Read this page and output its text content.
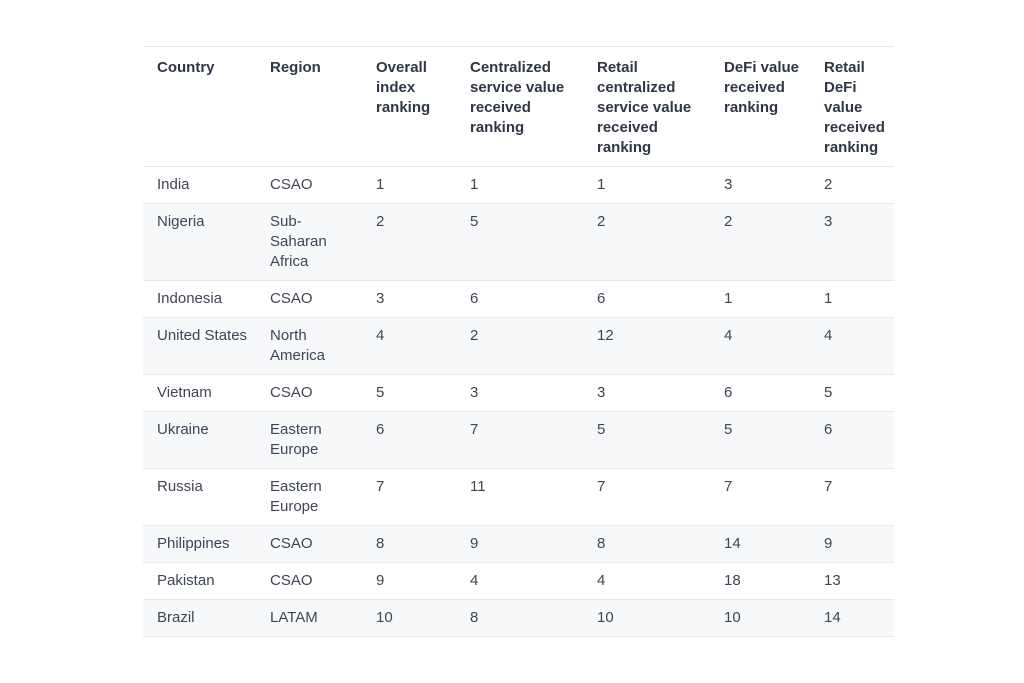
Country	Region	Overall index ranking	Centralized service value received ranking	Retail centralized service value received ranking	DeFi value received ranking	Retail DeFi value received ranking
India	CSAO	1	1	1	3	2
Nigeria	Sub-Saharan Africa	2	5	2	2	3
Indonesia	CSAO	3	6	6	1	1
United States	North America	4	2	12	4	4
Vietnam	CSAO	5	3	3	6	5
Ukraine	Eastern Europe	6	7	5	5	6
Russia	Eastern Europe	7	11	7	7	7
Philippines	CSAO	8	9	8	14	9
Pakistan	CSAO	9	4	4	18	13
Brazil	LATAM	10	8	10	10	14
